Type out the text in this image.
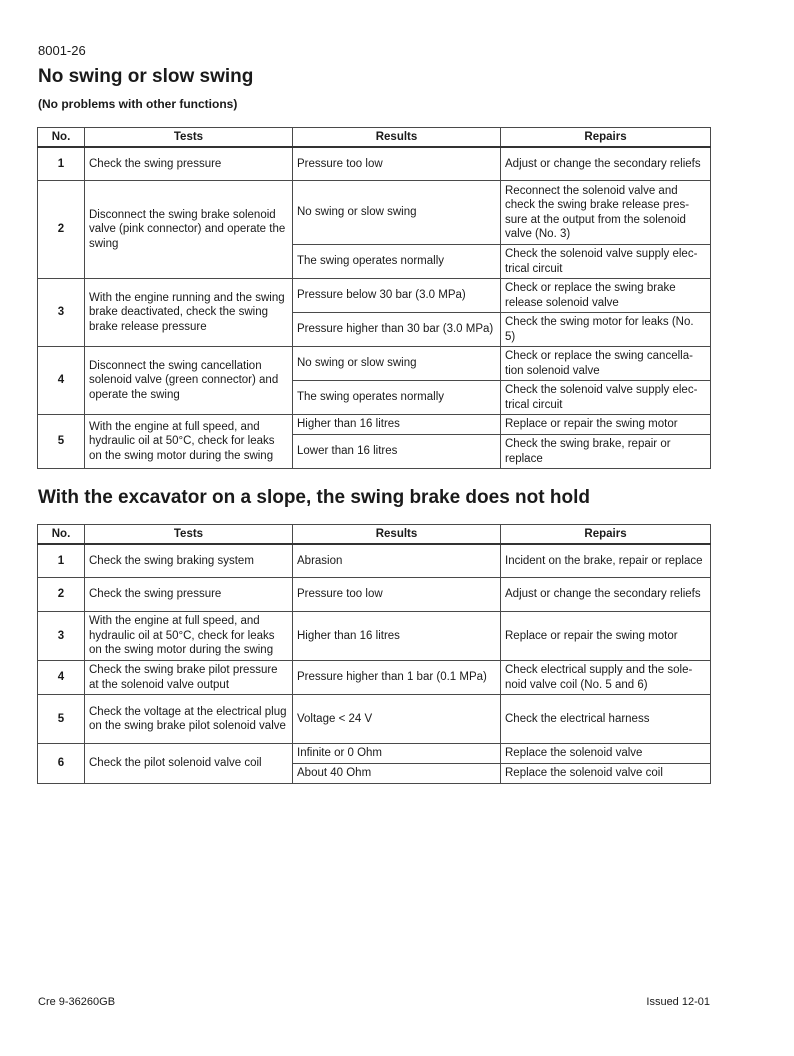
8001-26
No swing or slow swing
(No problems with other functions)
No.	Tests	Results	Repairs
1	Check the swing pressure	Pressure too low	Adjust or change the secondary reliefs
2	Disconnect the swing brake solenoid valve (pink connector) and operate the swing	No swing or slow swing	Reconnect the solenoid valve and check the swing brake release pres-sure at the output from the solenoid valve (No. 3)
		The swing operates normally	Check the solenoid valve supply elec-trical circuit
3	With the engine running and the swing brake deactivated, check the swing brake release pressure	Pressure below 30 bar (3.0 MPa)	Check or replace the swing brake release solenoid valve
		Pressure higher than 30 bar (3.0 MPa)	Check the swing motor for leaks (No. 5)
4	Disconnect the swing cancellation solenoid valve (green connector) and operate the swing	No swing or slow swing	Check or replace the swing cancella-tion solenoid valve
		The swing operates normally	Check the solenoid valve supply elec-trical circuit
5	With the engine at full speed, and hydraulic oil at 50°C, check for leaks on the swing motor during the swing	Higher than 16 litres	Replace or repair the swing motor
		Lower than 16 litres	Check the swing brake, repair or replace
With the excavator on a slope, the swing brake does not hold
No.	Tests	Results	Repairs
1	Check the swing braking system	Abrasion	Incident on the brake, repair or replace
2	Check the swing pressure	Pressure too low	Adjust or change the secondary reliefs
3	With the engine at full speed, and hydraulic oil at 50°C, check for leaks on the swing motor during the swing	Higher than 16 litres	Replace or repair the swing motor
4	Check the swing brake pilot pressure at the solenoid valve output	Pressure higher than 1 bar (0.1 MPa)	Check electrical supply and the sole-noid valve coil (No. 5 and 6)
5	Check the voltage at the electrical plug on the swing brake pilot solenoid valve	Voltage < 24 V	Check the electrical harness
6	Check the pilot solenoid valve coil	Infinite or 0 Ohm	Replace the solenoid valve
		About 40 Ohm	Replace the solenoid valve coil
Cre 9-36260GB	Issued 12-01
